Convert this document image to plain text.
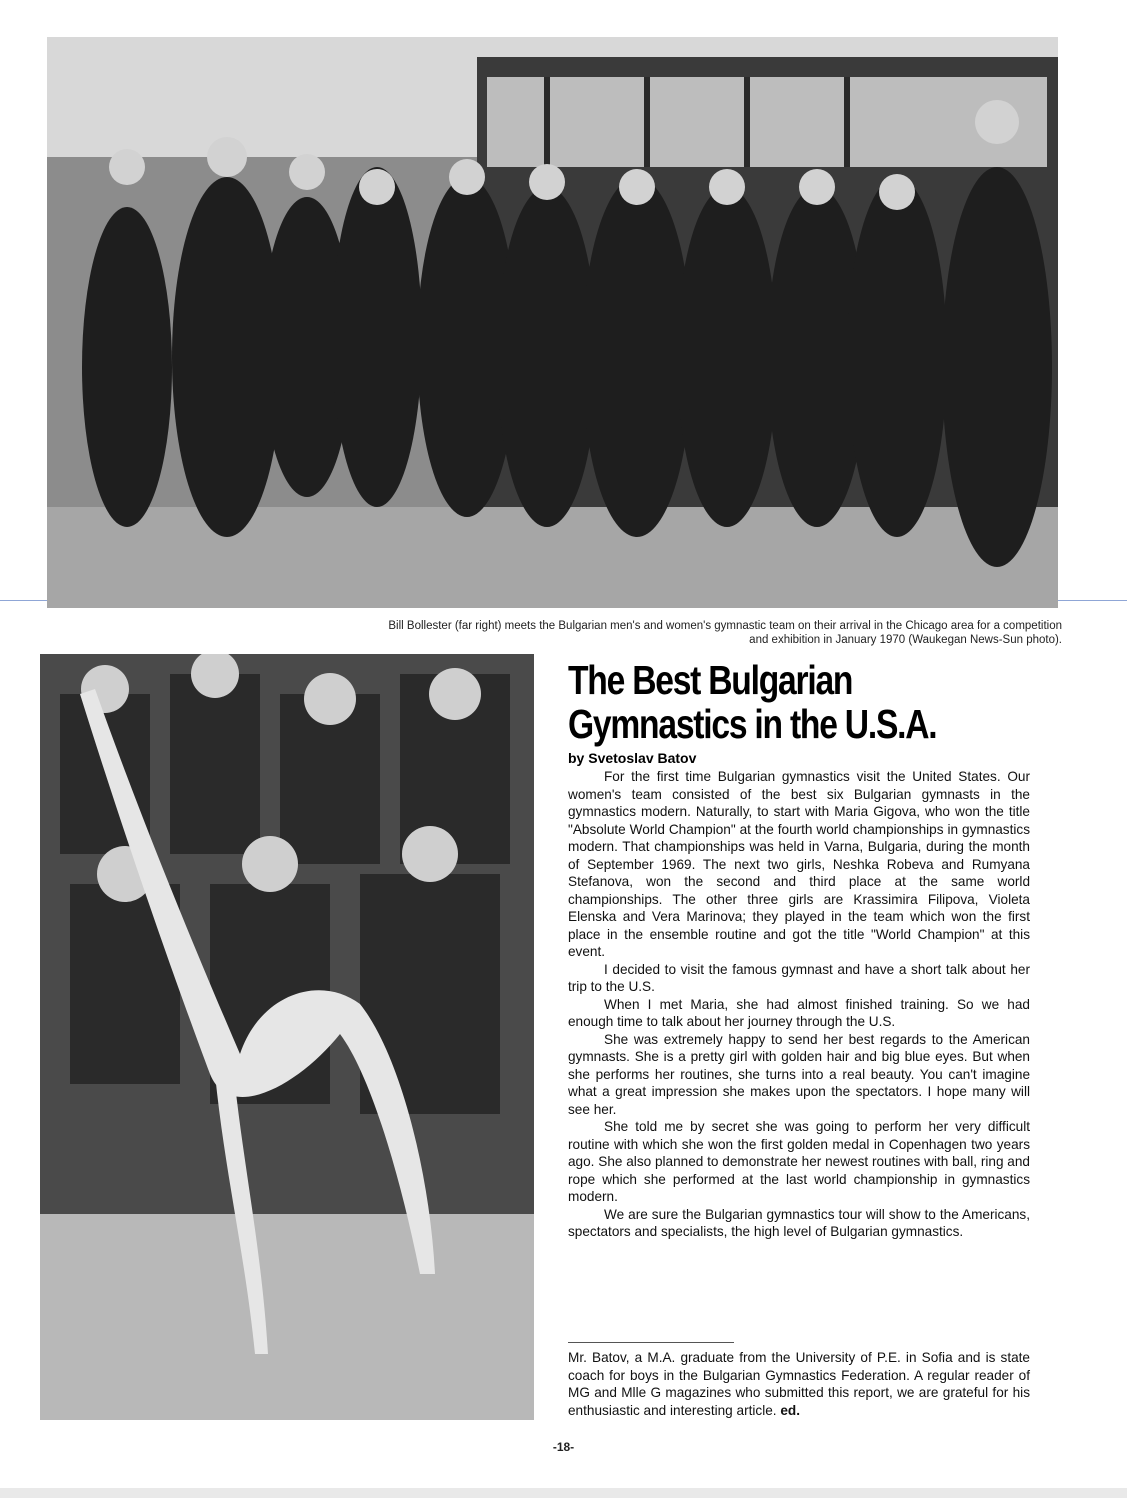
Bill Bollester (far right) meets the Bulgarian men's and women's gymnastic team on their arrival in the Chicago area for a competition
and exhibition in January 1970 (Waukegan News-Sun photo).
The Best Bulgarian
Gymnastics in the U.S.A.
by Svetoslav Batov

For the first time Bulgarian gymnastics visit the United States. Our women's team consisted of the best six Bulgarian gymnasts in the gymnastics modern. Naturally, to start with Maria Gigova, who won the title "Absolute World Champion" at the fourth world championships in gymnastics modern. That championships was held in Varna, Bulgaria, during the month of September 1969. The next two girls, Neshka Robeva and Rumyana Stefanova, won the second and third place at the same world championships. The other three girls are Krassimira Filipova, Violeta Elenska and Vera Marinova; they played in the team which won the first place in the ensemble routine and got the title "World Champion" at this event.

I decided to visit the famous gymnast and have a short talk about her trip to the U.S.

When I met Maria, she had almost finished training. So we had enough time to talk about her journey through the U.S.

She was extremely happy to send her best regards to the American gymnasts. She is a pretty girl with golden hair and big blue eyes. But when she performs her routines, she turns into a real beauty. You can't imagine what a great impression she makes upon the spectators. I hope many will see her.

She told me by secret she was going to perform her very difficult routine with which she won the first golden medal in Copenhagen two years ago. She also planned to demonstrate her newest routines with ball, ring and rope which she performed at the last world championship in gymnastics modern.

We are sure the Bulgarian gymnastics tour will show to the Americans, spectators and specialists, the high level of Bulgarian gymnastics.

Mr. Batov, a M.A. graduate from the University of P.E. in Sofia and is state coach for boys in the Bulgarian Gymnastics Federation. A regular reader of MG and Mlle G magazines who submitted this report, we are grateful for his enthusiastic and interesting article. ed.
-18-
